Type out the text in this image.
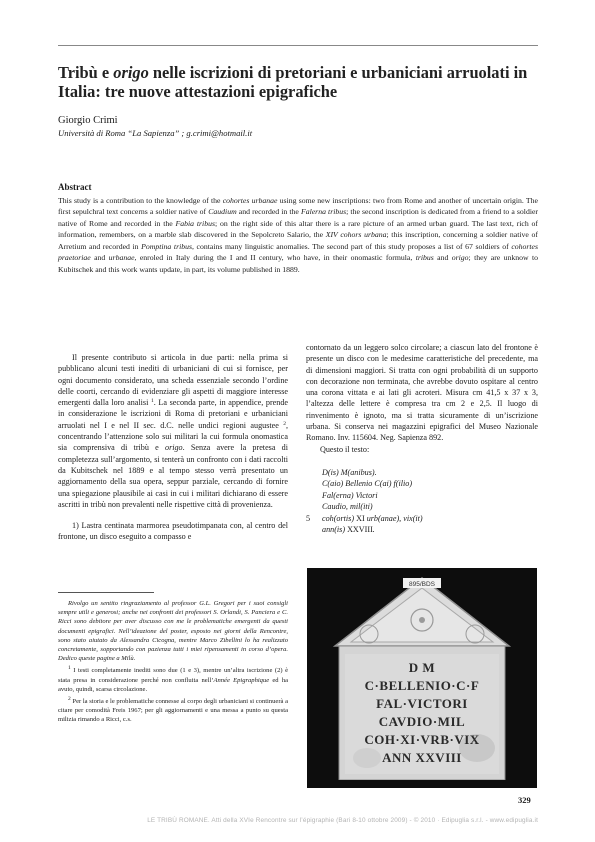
Tribù e origo nelle iscrizioni di pretoriani e urbaniciani arruolati in Italia: tre nuove attestazioni epigrafiche
Giorgio Crimi
Università di Roma “La Sapienza” ; g.crimi@hotmail.it
Abstract

This study is a contribution to the knowledge of the cohortes urbanae using some new inscriptions: two from Rome and another of uncertain origin. The first sepulchral text concerns a soldier native of Caudium and recorded in the Falerna tribus; the second inscription is dedicated from a friend to a soldier native of Rome and recorded in the Fabia tribus; on the right side of this altar there is a rare picture of an armed urban guard. The last text, rich of information, remembers, on a marble slab discovered in the Sepolcreto Salario, the XIV cohors urbana; this inscription, concerning a soldier native of Arretium and recorded in Pomptina tribus, contains many linguistic anomalies. The second part of this study proposes a list of 67 soldiers of cohortes praetoriae and urbanae, enroled in Italy during the I and II century, who have, in their onomastic formula, tribus and origo; they are unknow to Kubitschek and this work wants update, in part, its volume published in 1889.

Il presente contributo si articola in due parti: nella prima si pubblicano alcuni testi inediti di urbaniciani di cui si fornisce, per ogni documento considerato, una scheda essenziale secondo l’ordine delle coorti, cercando di evidenziare gli aspetti di maggiore interesse emergenti dalla loro analisi $^1$. La seconda parte, in appendice, prende in considerazione le iscrizioni di Roma di pretoriani e urbaniciani arruolati nel I e nel II sec. d.C. nelle undici regioni augustee $^2$, concentrando l’attenzione solo sui militari la cui formula onomastica sia comprensiva di tribù e origo. Senza avere la pretesa di completezza sull’argomento, si tenterà un confronto con i dati raccolti da Kubitschek nel 1889 e al tempo stesso verrà presentato un aggiornamento della sua opera, seppur parziale, cercando di fornire una spiegazione plausibile ai casi in cui i militari dichiarano di essere ascritti in tribù non prevalenti nelle rispettive città di provenienza.

1) Lastra centinata marmorea pseudotimpanata con, al centro del frontone, un disco eseguito a compasso e

contornato da un leggero solco circolare; a ciascun lato del frontone è presente un disco con le medesime caratteristiche del precedente, ma di dimensioni maggiori. Si tratta con ogni probabilità di un supporto con decorazione non terminata, che avrebbe dovuto ospitare al centro una corona vittata e ai lati gli acroteri. Misura cm 41,5 x 37 x 3, l’altezza delle lettere è compresa tra cm 2 e 2,5. Il luogo di rinvenimento è ignoto, ma si tratta sicuramente di un’iscrizione urbana. Si conserva nei magazzini epigrafici del Museo Nazionale Romano. Inv. 115604. Neg. Sapienza 892.

Questo il testo:

D(is) M(anibus).
C(aio) Bellenio C(ai) f(ilio)
Fal(erna) Victori
Caudio, mil(iti)
5 coh(ortis) XI urb(anae), vix(it)
ann(is) XXVIII.

Rivolgo un sentito ringraziamento al professor G.L. Gregori per i suoi consigli sempre utili e generosi; anche nei confronti dei professori S. Orlandi, S. Panciera e C. Ricci sono debitore per aver discusso con me le problematiche emergenti da questi documenti epigrafici. Nell’ideazione del poster, esposto nei giorni della Rencontre, sono stato aiutato da Alessandra Cicogna, mentre Marco Zibellini lo ha realizzato concretamente, sopportando con pazienza tutti i miei ripensamenti in corso d’opera. Dedico queste pagine a Milù.

$^1$ I testi completamente inediti sono due (1 e 3), mentre un’altra iscrizione (2) è stata presa in considerazione perché non confluita nell’Année Epigraphique ed ha avuto, quindi, scarsa circolazione.

$^2$ Per la storia e le problematiche connesse al corpo degli urbaniciani si continuerà a citare per comodità Freis 1967; per gli aggiornamenti e una messa a punto su questa milizia rimando a Ricci, c.s.

895/BDS
D M
C·BELLENIO·C·F
FAL·VICTORI
CAVDIO·MIL
COH·XI·VRB·VIX
ANN XXVIII
329
LE TRIBÙ ROMANE. Atti della XVIe Rencontre sur l’épigraphie (Bari 8-10 ottobre 2009) - © 2010 · Edipuglia s.r.l. - www.edipuglia.it
